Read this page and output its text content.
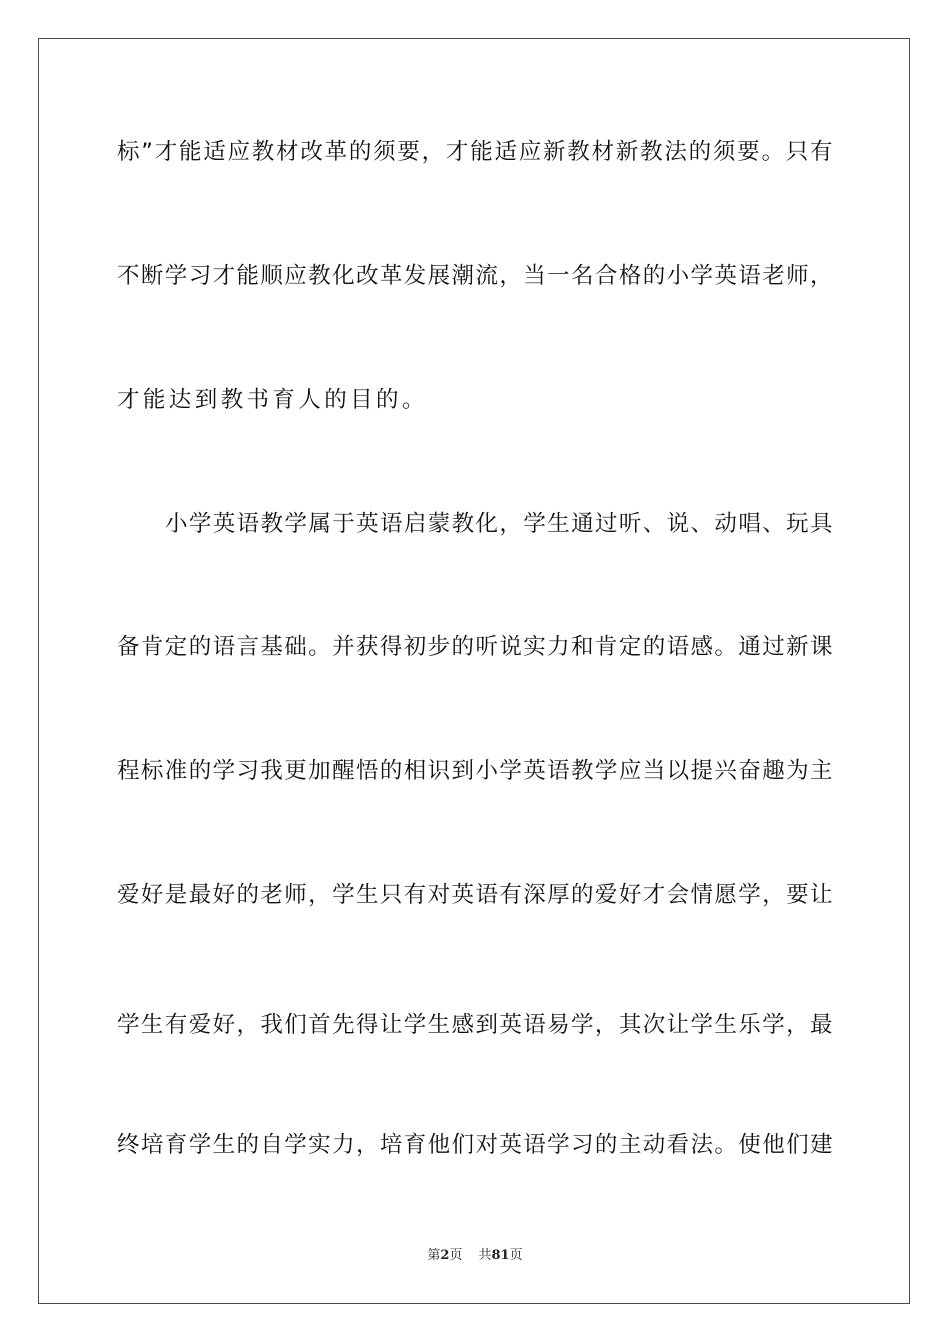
标”才能适应教材改革的须要，才能适应新教材新教法的须要。只有
不断学习才能顺应教化改革发展潮流，当一名合格的小学英语老师，
才能达到教书育人的目的。
小学英语教学属于英语启蒙教化，学生通过听、说、动唱、玩具
备肯定的语言基础。并获得初步的听说实力和肯定的语感。通过新课
程标准的学习我更加醒悟的相识到小学英语教学应当以提兴奋趣为主
爱好是最好的老师，学生只有对英语有深厚的爱好才会情愿学，要让
学生有爱好，我们首先得让学生感到英语易学，其次让学生乐学，最
终培育学生的自学实力，培育他们对英语学习的主动看法。使他们建
第2页 共81页
